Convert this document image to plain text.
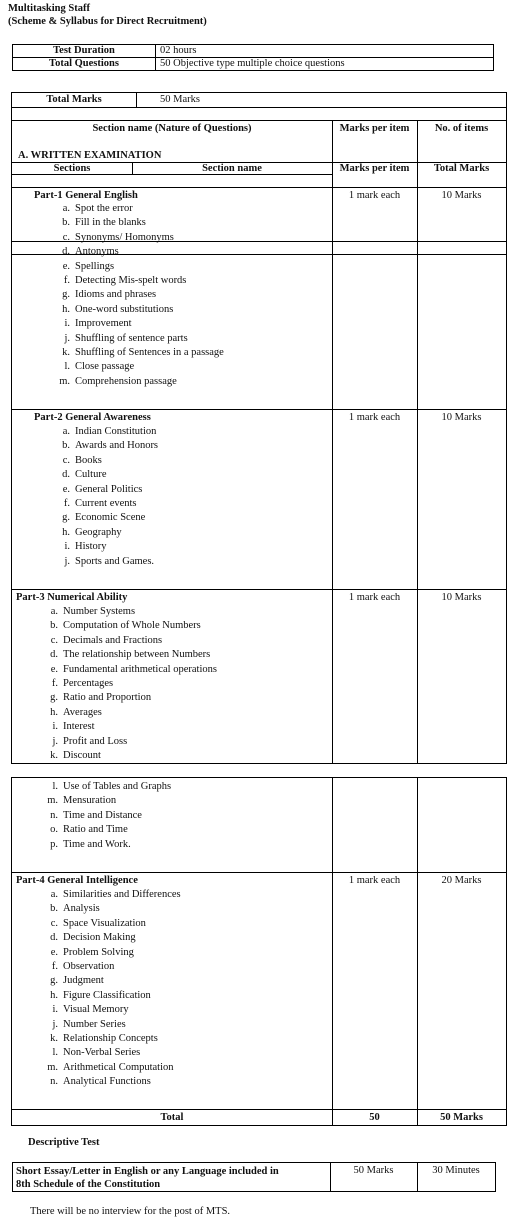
Multitasking Staff
(Scheme & Syllabus for Direct Recruitment)
Test Duration	02 hours
Total Questions	50 Objective type multiple choice questions
Total Marks	50 Marks
Section name (Nature of Questions)	Marks per item	No. of items
A. WRITTEN EXAMINATION
Sections	Section name	Marks per item	Total Marks
Part-1 General English	1 mark each	10 Marks
a. Spot the error
b. Fill in the blanks
c. Synonyms/ Homonyms
d. Antonyms
e. Spellings
f. Detecting Mis-spelt words
g. Idioms and phrases
h. One-word substitutions
i. Improvement
j. Shuffling of sentence parts
k. Shuffling of Sentences in a passage
l. Close passage
m. Comprehension passage
Part-2 General Awareness	1 mark each	10 Marks
a. Indian Constitution
b. Awards and Honors
c. Books
d. Culture
e. General Politics
f. Current events
g. Economic Scene
h. Geography
i. History
j. Sports and Games.
Part-3 Numerical Ability	1 mark each	10 Marks
a. Number Systems
b. Computation of Whole Numbers
c. Decimals and Fractions
d. The relationship between Numbers
e. Fundamental arithmetical operations
f. Percentages
g. Ratio and Proportion
h. Averages
i. Interest
j. Profit and Loss
k. Discount
l. Use of Tables and Graphs
m. Mensuration
n. Time and Distance
o. Ratio and Time
p. Time and Work.
Part-4 General Intelligence	1 mark each	20 Marks
a. Similarities and Differences
b. Analysis
c. Space Visualization
d. Decision Making
e. Problem Solving
f. Observation
g. Judgment
h. Figure Classification
i. Visual Memory
j. Number Series
k. Relationship Concepts
l. Non-Verbal Series
m. Arithmetical Computation
n. Analytical Functions
Total	50	50 Marks
Descriptive Test
Short Essay/Letter in English or any Language included in
8th Schedule of the Constitution
50 Marks	30 Minutes
There will be no interview for the post of MTS.
